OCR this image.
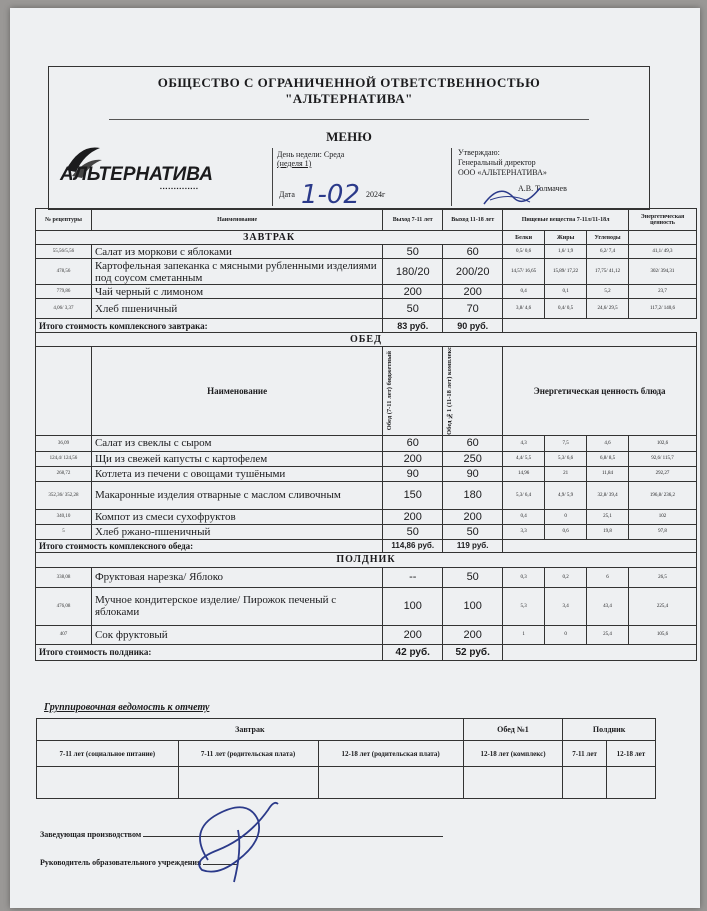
ОБЩЕСТВО С ОГРАНИЧЕННОЙ ОТВЕТСТВЕННОСТЬЮ
"АЛЬТЕРНАТИВА"
МЕНЮ
АЛЬТЕРНАТИВА
▪▪▪▪▪▪▪▪▪▪▪▪▪▪
День недели: Среда
(неделя 1)
Дата 1-02 2024г
Утверждаю:
Генеральный директор
ООО «АЛЬТЕРНАТИВА»
А.В. Толмачев
№ рецептуры	Наименование	Выход 7-11 лет	Выход 11-18 лет	Пищевые вещества 7-11л/11-18л			Энергетическая ценность
ЗАВТРАК				Белки	Жиры	Углеводы	
55,56/5,56	Салат из моркови с яблоками	50	60	0,5/ 0,6	1,6/ 1,9	6,2/ 7,4	41,1/ 49,3
478,56	Картофельная запеканка с мясными рубленными изделиями под соусом сметанным	180/20	200/20	14,57/ 16,65	15,89/ 17,22	17,75/ 41,12	302/ 394,31
779,86	Чай черный с лимоном	200	200	0,4	0,1	5,2	23,7
4,06/ 3,37	Хлеб пшеничный	50	70	3,8/ 4,6	0,4/ 0,5	24,6/ 29,5	117,2/ 140,6
Итого стоимость комплексного завтрака:		83 руб.	90 руб.				
ОБЕД							
	Наименование	Обед (7-11 лет) бюджетный	Обед №1 (11-18 лет) комплекс	Энергетическая ценность блюда			
36,09	Салат из свеклы с сыром	60	60	4,3	7,5	4,6	102,6
124,4/ 124,56	Щи из свежей капусты с картофелем	200	250	4,4/ 5,5	5,3/ 6,6	6,8/ 8,5	92,6/ 115,7
268,72	Котлета из печени с овощами тушёными	90	90	14,96	21	11,84	292,27
352,36/ 352,28	Макаронные изделия отварные с маслом сливочным	150	180	5,3/ 6,4	4,9/ 5,9	32,8/ 39,4	196,8/ 236,2
340,10	Компот из смеси сухофруктов	200	200	0,4	0	25,1	102
5	Хлеб ржано-пшеничный	50	50	3,3	0,6	19,8	97,8
Итого стоимость комплексного обеда:		114,86 руб.	119 руб.				
ПОЛДНИК							
338,08	Фруктовая нарезка/ Яблоко	--	50	0,3	0,2	6	26,5
476,08	Мучное кондитерское изделие/ Пирожок печеный с яблоками	100	100	5,3	3,4	43,4	225,4
407	Сок фруктовый	200	200	1	0	25,4	105,6
Итого стоимость полдника:		42 руб.	52 руб.				
Группировочная ведомость к отчету
Завтрак			Обед №1	Полдник	
7-11 лет (социальное питание)	7-11 лет (родительская плата)	12-18 лет (родительская плата)	12-18 лет (комплекс)	7-11 лет	12-18 лет

Заведующая производством
Руководитель образовательного учреждения
